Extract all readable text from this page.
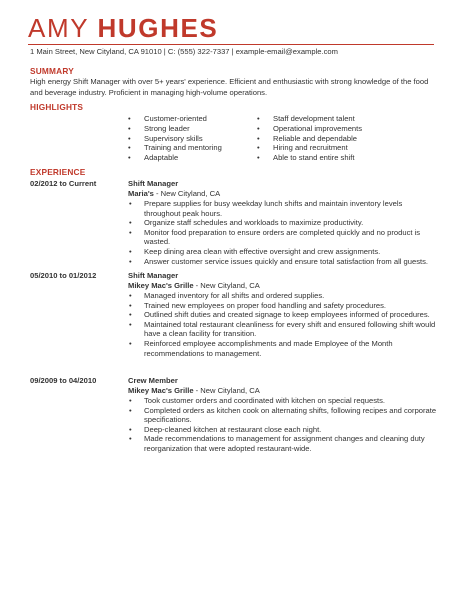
AMY HUGHES
1 Main Street, New Cityland, CA 91010 | C: (555) 322-7337 | example-email@example.com
SUMMARY

High energy Shift Manager with over 5+ years' experience. Efficient and enthusiastic with strong knowledge of the food and beverage industry. Proficient in managing high-volume operations.

HIGHLIGHTS
• Customer-oriented
• Strong leader
• Supervisory skills
• Training and mentoring
• Adaptable
• Staff development talent
• Operational improvements
• Reliable and dependable
• Hiring and recruitment
• Able to stand entire shift
EXPERIENCE
02/2012 to Current	Shift Manager
Maria's - New Cityland, CA
• Prepare supplies for busy weekday lunch shifts and maintain inventory levels throughout peak hours.
• Organize staff schedules and workloads to maximize productivity.
• Monitor food preparation to ensure orders are completed quickly and no product is wasted.
• Keep dining area clean with effective oversight and crew assignments.
• Answer customer service issues quickly and ensure total satisfaction from all guests.
05/2010 to 01/2012	Shift Manager
Mikey Mac's Grille - New Cityland, CA
• Managed inventory for all shifts and ordered supplies.
• Trained new employees on proper food handling and safety procedures.
• Outlined shift duties and created signage to keep employees informed of procedures.
• Maintained total restaurant cleanliness for every shift and ensured following shift would have a clean facility for transition.
• Reinforced employee accomplishments and made Employee of the Month recommendations to management.
09/2009 to 04/2010	Crew Member
Mikey Mac's Grille - New Cityland, CA
• Took customer orders and coordinated with kitchen on special requests.
• Completed orders as kitchen cook on alternating shifts, following recipes and corporate specifications.
• Deep-cleaned kitchen at restaurant close each night.
• Made recommendations to management for assignment changes and cleaning duty reorganization that were adopted restaurant-wide.
